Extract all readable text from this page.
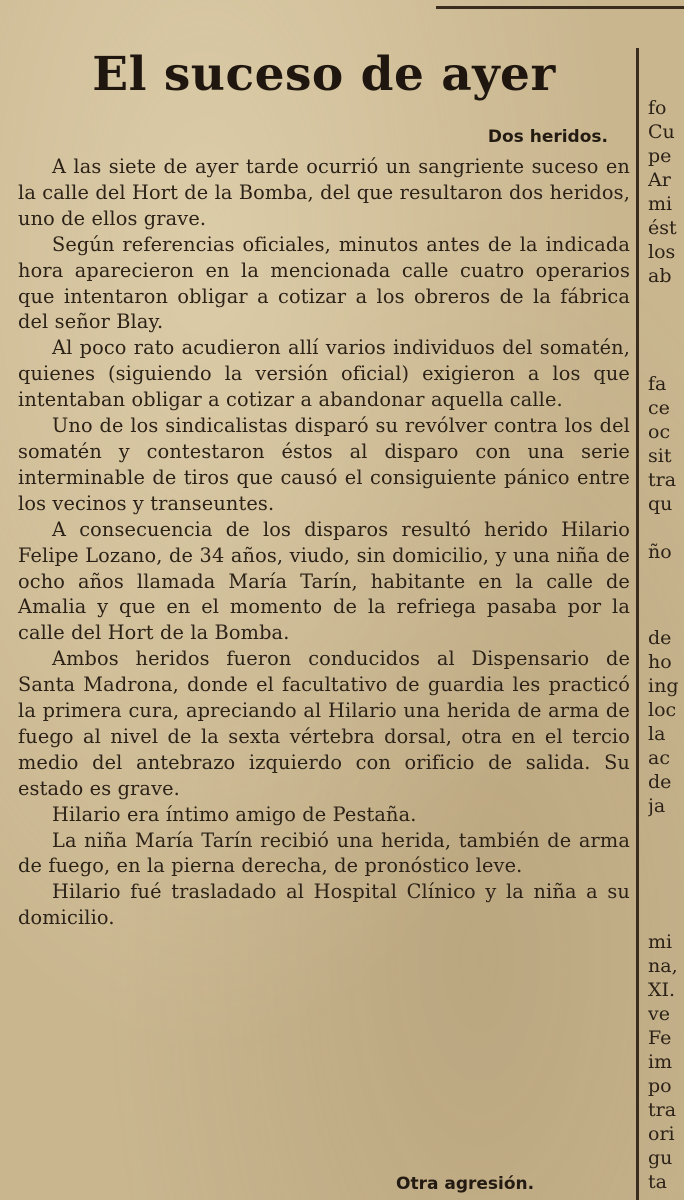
El suceso de ayer
Dos heridos.

A las siete de ayer tarde ocurrió un sangriente suceso en la calle del Hort de la Bomba, del que resultaron dos heridos, uno de ellos grave.

Según referencias oficiales, minutos antes de la indicada hora aparecieron en la mencionada calle cuatro operarios que intentaron obligar a cotizar a los obreros de la fábrica del señor Blay.

Al poco rato acudieron allí varios individuos del somatén, quienes (siguiendo la versión oficial) exigieron a los que intentaban obligar a cotizar a abandonar aquella calle.

Uno de los sindicalistas disparó su revólver contra los del somatén y contestaron éstos al disparo con una serie interminable de tiros que causó el consiguiente pánico entre los vecinos y transeuntes.

A consecuencia de los disparos resultó herido Hilario Felipe Lozano, de 34 años, viudo, sin domicilio, y una niña de ocho años llamada María Tarín, habitante en la calle de Amalia y que en el momento de la refriega pasaba por la calle del Hort de la Bomba.

Ambos heridos fueron conducidos al Dispensario de Santa Madrona, donde el facultativo de guardia les practicó la primera cura, apreciando al Hilario una herida de arma de fuego al nivel de la sexta vértebra dorsal, otra en el tercio medio del antebrazo izquierdo con orificio de salida. Su estado es grave.

Hilario era íntimo amigo de Pestaña.

La niña María Tarín recibió una herida, también de arma de fuego, en la pierna derecha, de pronóstico leve.

Hilario fué trasladado al Hospital Clínico y la niña a su domicilio.

Otra agresión.
fo
Cu
pe
Ar
mi
ést
los
ab
fa
ce
oc
sit
tra
qu
ño
de
ho
ing
loc
la
ac
de
ja
mi
na,
XI.
ve
Fe
im
po
tra
ori
gu
ta
